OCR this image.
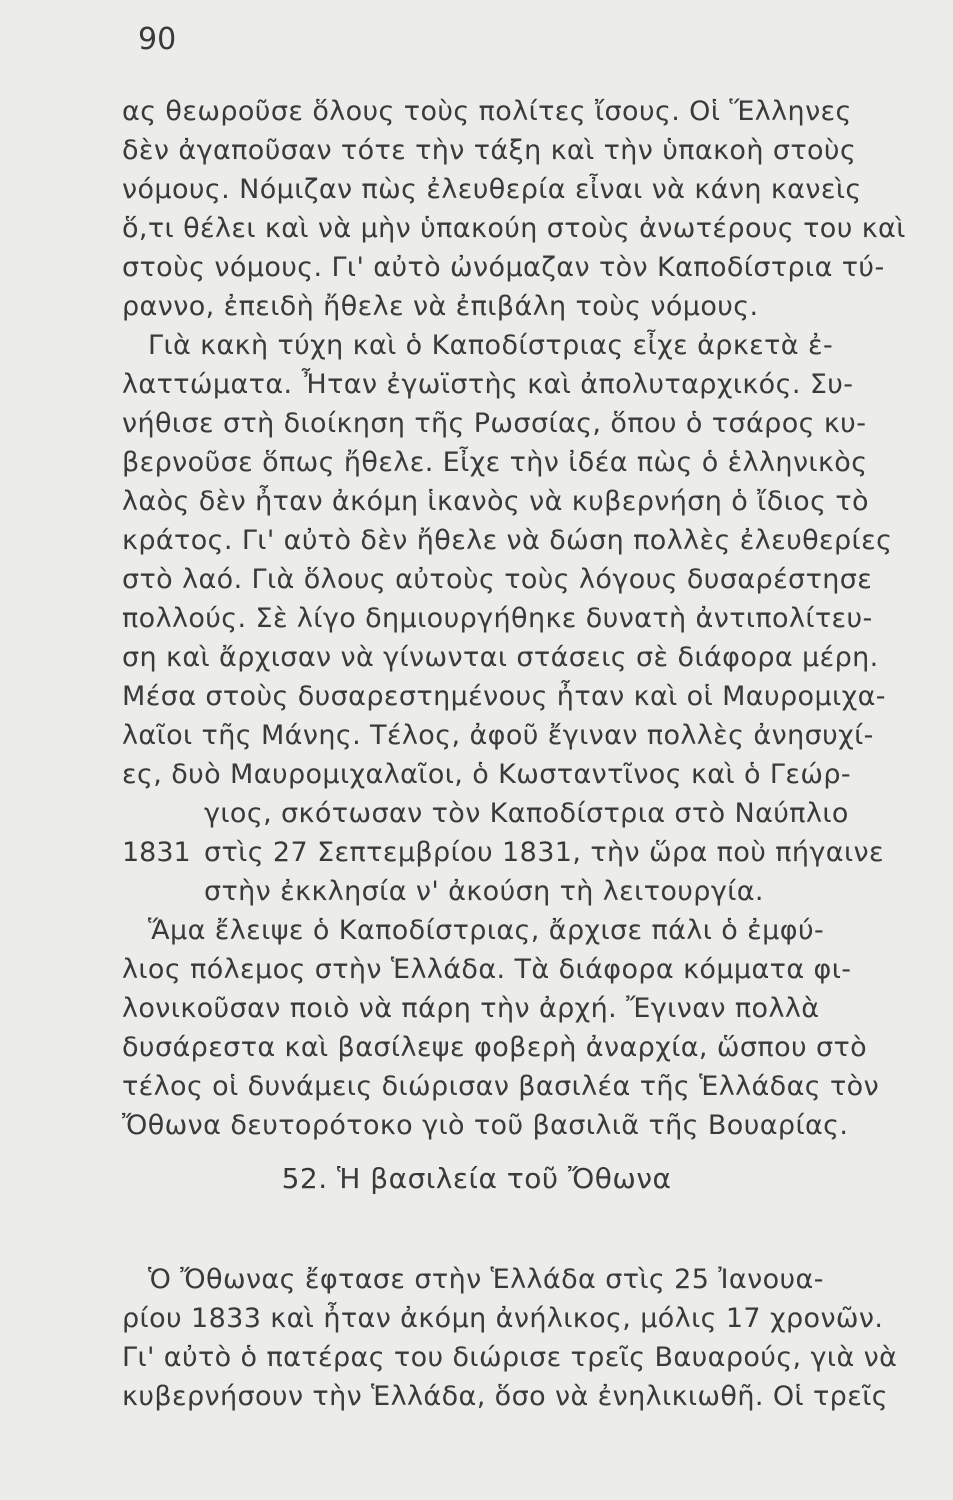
90
ας θεωροῦσε ὅλους τοὺς πολίτες ἴσους. Οἱ Ἕλληνες
δὲν ἀγαποῦσαν τότε τὴν τάξη καὶ τὴν ὑπακοὴ στοὺς
νόμους. Νόμιζαν πὼς ἐλευθερία εἶναι νὰ κάνη κανεὶς
ὅ,τι θέλει καὶ νὰ μὴν ὑπακούη στοὺς ἀνωτέρους του καὶ
στοὺς νόμους. Γι' αὐτὸ ὠνόμαζαν τὸν Καποδίστρια τύ-
ραννο, ἐπειδὴ ἤθελε νὰ ἐπιβάλη τοὺς νόμους.
Γιὰ κακὴ τύχη καὶ ὁ Καποδίστριας εἶχε ἀρκετὰ ἐ-
λαττώματα. Ἦταν ἐγωϊστὴς καὶ ἀπολυταρχικός. Συ-
νήθισε στὴ διοίκηση τῆς Ρωσσίας, ὅπου ὁ τσάρος κυ-
βερνοῦσε ὅπως ἤθελε. Εἶχε τὴν ἰδέα πὼς ὁ ἑλληνικὸς
λαὸς δὲν ἦταν ἀκόμη ἱκανὸς νὰ κυβερνήση ὁ ἴδιος τὸ
κράτος. Γι' αὐτὸ δὲν ἤθελε νὰ δώση πολλὲς ἐλευθερίες
στὸ λαό. Γιὰ ὅλους αὐτοὺς τοὺς λόγους δυσαρέστησε
πολλούς. Σὲ λίγο δημιουργήθηκε δυνατὴ ἀντιπολίτευ-
ση καὶ ἄρχισαν νὰ γίνωνται στάσεις σὲ διάφορα μέρη.
Μέσα στοὺς δυσαρεστημένους ἦταν καὶ οἱ Μαυρομιχα-
λαῖοι τῆς Μάνης. Τέλος, ἀφοῦ ἔγιναν πολλὲς ἀνησυχί-
ες, δυὸ Μαυρομιχαλαῖοι, ὁ Κωσταντῖνος καὶ ὁ Γεώρ-
γιος, σκότωσαν τὸν Καποδίστρια στὸ Ναύπλιο
1831 στὶς 27 Σεπτεμβρίου 1831, τὴν ὥρα ποὺ πήγαινε
στὴν ἐκκλησία ν' ἀκούση τὴ λειτουργία.
Ἅμα ἔλειψε ὁ Καποδίστριας, ἄρχισε πάλι ὁ ἐμφύ-
λιος πόλεμος στὴν Ἑλλάδα. Τὰ διάφορα κόμματα φι-
λονικοῦσαν ποιὸ νὰ πάρη τὴν ἀρχή. Ἔγιναν πολλὰ
δυσάρεστα καὶ βασίλεψε φοβερὴ ἀναρχία, ὥσπου στὸ
τέλος οἱ δυνάμεις διώρισαν βασιλέα τῆς Ἑλλάδας τὸν
Ὄθωνα δευτορότοκο γιὸ τοῦ βασιλιᾶ τῆς Βουαρίας.
52. Ἡ βασιλεία τοῦ Ὄθωνα
Ὁ Ὄθωνας ἔφτασε στὴν Ἑλλάδα στὶς 25 Ἰανουα-
ρίου 1833 καὶ ἦταν ἀκόμη ἀνήλικος, μόλις 17 χρονῶν.
Γι' αὐτὸ ὁ πατέρας του διώρισε τρεῖς Βαυαρούς, γιὰ νὰ
κυβερνήσουν τὴν Ἑλλάδα, ὅσο νὰ ἐνηλικιωθῆ. Οἱ τρεῖς
